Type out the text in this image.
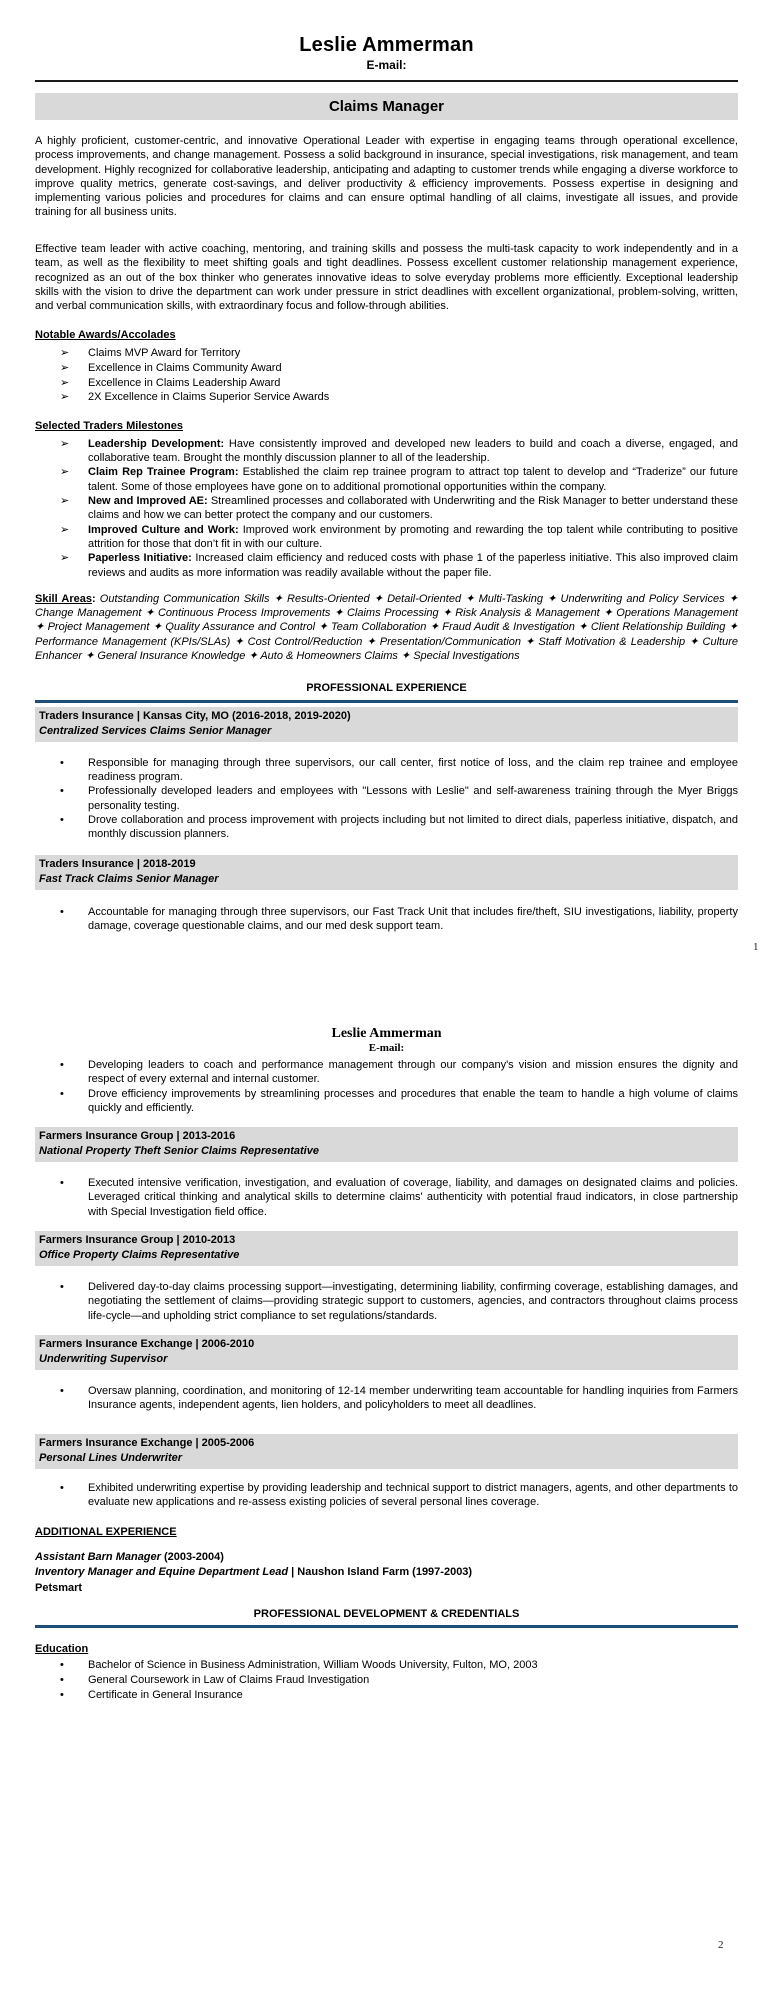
Leslie Ammerman
E-mail:
Claims Manager
A highly proficient, customer-centric, and innovative Operational Leader with expertise in engaging teams through operational excellence, process improvements, and change management. Possess a solid background in insurance, special investigations, risk management, and team development. Highly recognized for collaborative leadership, anticipating and adapting to customer trends while engaging a diverse workforce to improve quality metrics, generate cost-savings, and deliver productivity & efficiency improvements. Possess expertise in designing and implementing various policies and procedures for claims and can ensure optimal handling of all claims, investigate all issues, and provide training for all business units.
Effective team leader with active coaching, mentoring, and training skills and possess the multi-task capacity to work independently and in a team, as well as the flexibility to meet shifting goals and tight deadlines. Possess excellent customer relationship management experience, recognized as an out of the box thinker who generates innovative ideas to solve everyday problems more efficiently. Exceptional leadership skills with the vision to drive the department can work under pressure in strict deadlines with excellent organizational, problem-solving, written, and verbal communication skills, with extraordinary focus and follow-through abilities.
Notable Awards/Accolades
➢	Claims MVP Award for Territory
➢	Excellence in Claims Community Award
➢	Excellence in Claims Leadership Award
➢	2X Excellence in Claims Superior Service Awards
Selected Traders Milestones
➢	Leadership Development: Have consistently improved and developed new leaders to build and coach a diverse, engaged, and collaborative team. Brought the monthly discussion planner to all of the leadership.
➢	Claim Rep Trainee Program: Established the claim rep trainee program to attract top talent to develop and “Traderize” our future talent. Some of those employees have gone on to additional promotional opportunities within the company.
➢	New and Improved AE: Streamlined processes and collaborated with Underwriting and the Risk Manager to better understand these claims and how we can better protect the company and our customers.
➢	Improved Culture and Work: Improved work environment by promoting and rewarding the top talent while contributing to positive attrition for those that don’t fit in with our culture.
➢	Paperless Initiative: Increased claim efficiency and reduced costs with phase 1 of the paperless initiative. This also improved claim reviews and audits as more information was readily available without the paper file.
Skill Areas: Outstanding Communication Skills ✦ Results-Oriented ✦ Detail-Oriented ✦ Multi-Tasking ✦ Underwriting and Policy Services ✦ Change Management ✦ Continuous Process Improvements ✦ Claims Processing ✦ Risk Analysis & Management ✦ Operations Management ✦ Project Management ✦ Quality Assurance and Control ✦ Team Collaboration ✦ Fraud Audit & Investigation ✦ Client Relationship Building ✦ Performance Management (KPIs/SLAs) ✦ Cost Control/Reduction ✦ Presentation/Communication ✦ Staff Motivation & Leadership ✦ Culture Enhancer ✦ General Insurance Knowledge ✦ Auto & Homeowners Claims ✦ Special Investigations
PROFESSIONAL EXPERIENCE
Traders Insurance | Kansas City, MO (2016-2018, 2019-2020)
Centralized Services Claims Senior Manager
•	Responsible for managing through three supervisors, our call center, first notice of loss, and the claim rep trainee and employee readiness program.
•	Professionally developed leaders and employees with "Lessons with Leslie" and self-awareness training through the Myer Briggs personality testing.
•	Drove collaboration and process improvement with projects including but not limited to direct dials, paperless initiative, dispatch, and monthly discussion planners.
Traders Insurance | 2018-2019
Fast Track Claims Senior Manager
•	Accountable for managing through three supervisors, our Fast Track Unit that includes fire/theft, SIU investigations, liability, property damage, coverage questionable claims, and our med desk support team.
1
Leslie Ammerman
E-mail:
•	Developing leaders to coach and performance management through our company's vision and mission ensures the dignity and respect of every external and internal customer.
•	Drove efficiency improvements by streamlining processes and procedures that enable the team to handle a high volume of claims quickly and efficiently.
Farmers Insurance Group | 2013-2016
National Property Theft Senior Claims Representative
•	Executed intensive verification, investigation, and evaluation of coverage, liability, and damages on designated claims and policies. Leveraged critical thinking and analytical skills to determine claims' authenticity with potential fraud indicators, in close partnership with Special Investigation field office.
Farmers Insurance Group | 2010-2013
Office Property Claims Representative
•	Delivered day-to-day claims processing support—investigating, determining liability, confirming coverage, establishing damages, and negotiating the settlement of claims—providing strategic support to customers, agencies, and contractors throughout claims process life-cycle—and upholding strict compliance to set regulations/standards.
Farmers Insurance Exchange | 2006-2010
Underwriting Supervisor
•	Oversaw planning, coordination, and monitoring of 12-14 member underwriting team accountable for handling inquiries from Farmers Insurance agents, independent agents, lien holders, and policyholders to meet all deadlines.
Farmers Insurance Exchange | 2005-2006
Personal Lines Underwriter
•	Exhibited underwriting expertise by providing leadership and technical support to district managers, agents, and other departments to evaluate new applications and re-assess existing policies of several personal lines coverage.
ADDITIONAL EXPERIENCE
Assistant Barn Manager (2003-2004)
Inventory Manager and Equine Department Lead | Naushon Island Farm (1997-2003)
Petsmart
PROFESSIONAL DEVELOPMENT & CREDENTIALS
Education
•	Bachelor of Science in Business Administration, William Woods University, Fulton, MO, 2003
•	General Coursework in Law of Claims Fraud Investigation
•	Certificate in General Insurance
2
